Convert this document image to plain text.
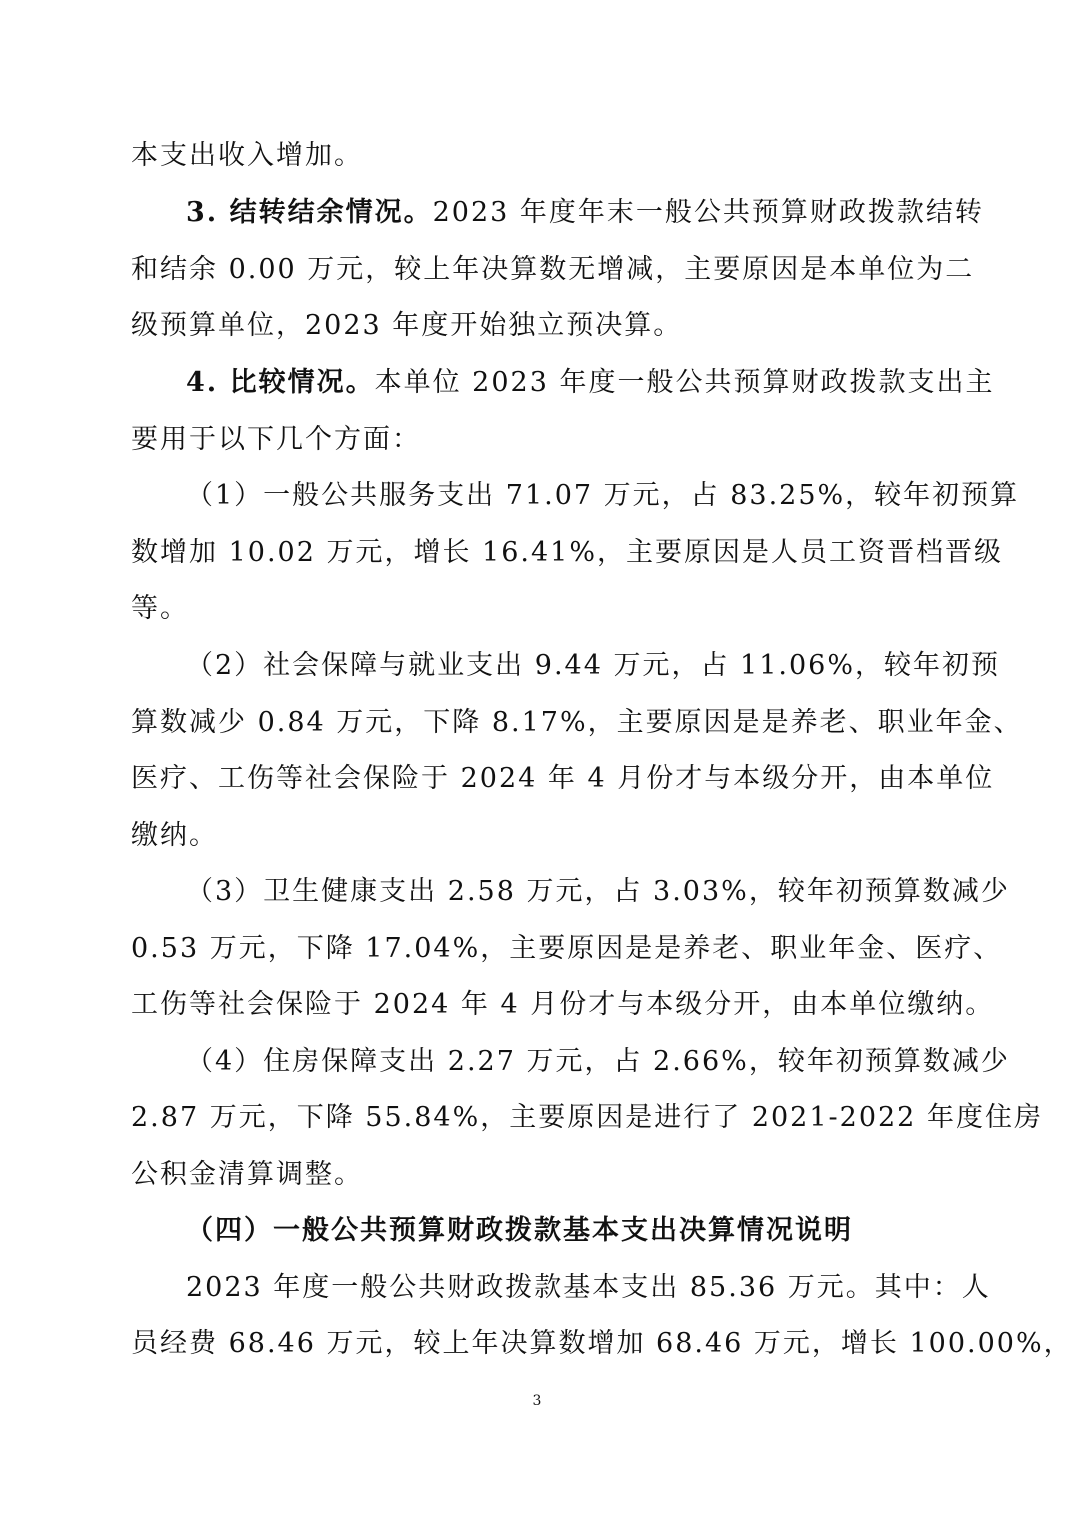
本支出收入增加。
3. 结转结余情况。2023 年度年末一般公共预算财政拨款结转
和结余 0.00 万元，较上年决算数无增减，主要原因是本单位为二
级预算单位，2023 年度开始独立预决算。
4. 比较情况。本单位 2023 年度一般公共预算财政拨款支出主
要用于以下几个方面：
（1）一般公共服务支出 71.07 万元，占 83.25%，较年初预算
数增加 10.02 万元，增长 16.41%，主要原因是人员工资晋档晋级
等。
（2）社会保障与就业支出 9.44 万元，占 11.06%，较年初预
算数减少 0.84 万元，下降 8.17%，主要原因是是养老、职业年金、
医疗、工伤等社会保险于 2024 年 4 月份才与本级分开，由本单位
缴纳。
（3）卫生健康支出 2.58 万元，占 3.03%，较年初预算数减少
0.53 万元，下降 17.04%，主要原因是是养老、职业年金、医疗、
工伤等社会保险于 2024 年 4 月份才与本级分开，由本单位缴纳。
（4）住房保障支出 2.27 万元，占 2.66%，较年初预算数减少
2.87 万元，下降 55.84%，主要原因是进行了 2021-2022 年度住房
公积金清算调整。
（四）一般公共预算财政拨款基本支出决算情况说明
2023 年度一般公共财政拨款基本支出 85.36 万元。其中：人
员经费 68.46 万元，较上年决算数增加 68.46 万元，增长 100.00%，
3
